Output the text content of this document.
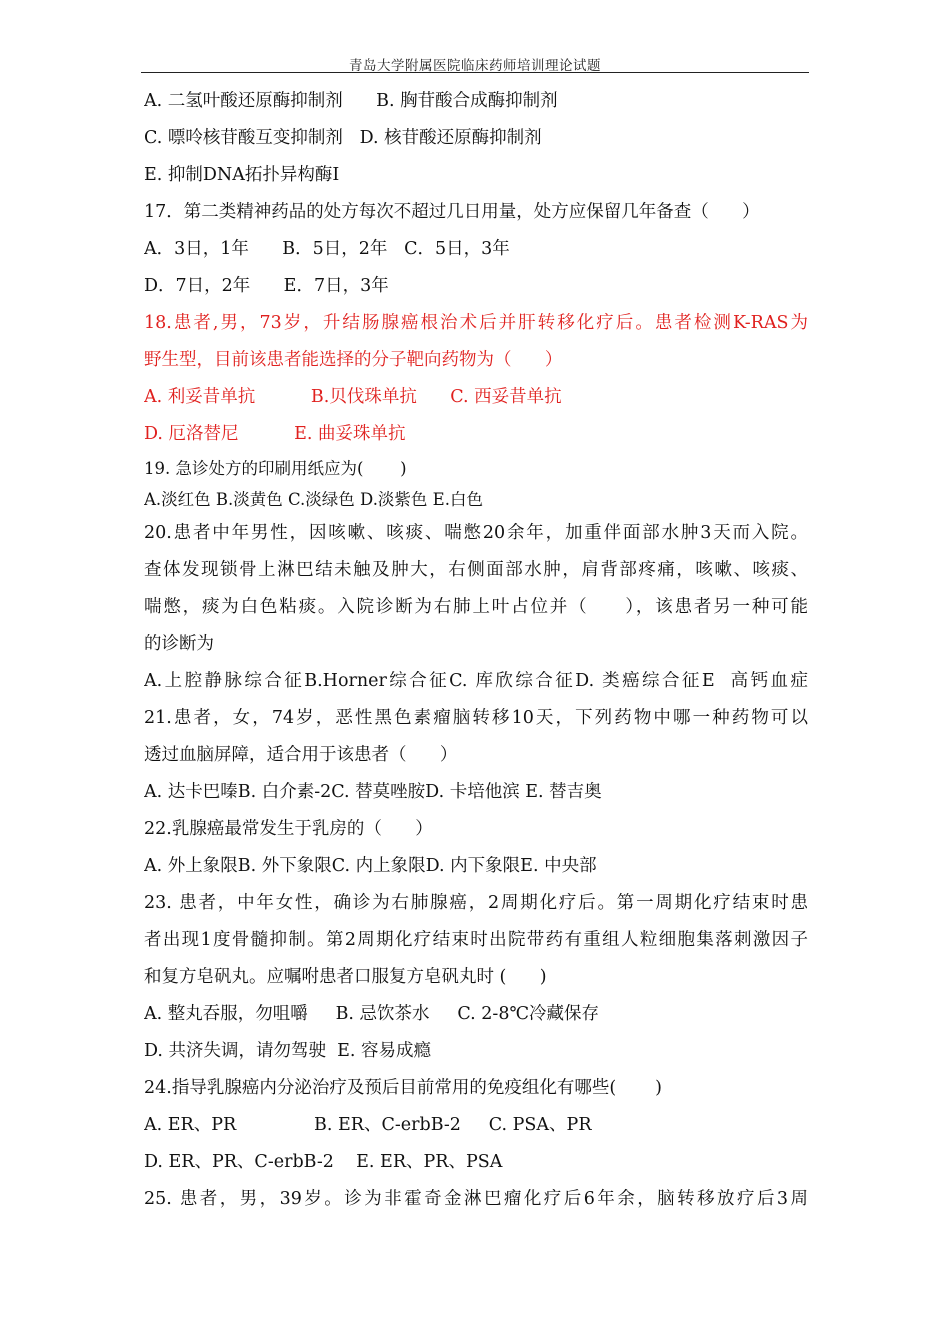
青岛大学附属医院临床药师培训理论试题
A. 二氢叶酸还原酶抑制剂      B. 胸苷酸合成酶抑制剂
C. 嘌呤核苷酸互变抑制剂   D. 核苷酸还原酶抑制剂
E. 抑制DNA拓扑异构酶I
17．第二类精神药品的处方每次不超过几日用量，处方应保留几年备查（      ）
A．3日，1年      B．5日，2年   C．5日，3年
D．7日，2年      E．7日，3年
18.患者,男，73岁，升结肠腺癌根治术后并肝转移化疗后。患者检测K-RAS为
野生型，目前该患者能选择的分子靶向药物为（      ）
A. 利妥昔单抗          B.贝伐珠单抗      C. 西妥昔单抗
D. 厄洛替尼          E. 曲妥珠单抗
19. 急诊处方的印刷用纸应为(       )
A.淡红色 B.淡黄色 C.淡绿色 D.淡紫色 E.白色
20.患者中年男性，因咳嗽、咳痰、喘憋20余年，加重伴面部水肿3天而入院。
查体发现锁骨上淋巴结未触及肿大，右侧面部水肿，肩背部疼痛，咳嗽、咳痰、
喘憋，痰为白色粘痰。入院诊断为右肺上叶占位并（     ），该患者另一种可能
的诊断为
A.上腔静脉综合征B.Horner综合征C. 库欣综合征D. 类癌综合征E  高钙血症
21.患者，女，74岁，恶性黑色素瘤脑转移10天，下列药物中哪一种药物可以
透过血脑屏障，适合用于该患者（      ）
A. 达卡巴嗪B. 白介素-2C. 替莫唑胺D. 卡培他滨 E. 替吉奥
22.乳腺癌最常发生于乳房的（      ）
A. 外上象限B. 外下象限C. 内上象限D. 内下象限E. 中央部
23. 患者，中年女性，确诊为右肺腺癌，2周期化疗后。第一周期化疗结束时患
者出现1度骨髓抑制。第2周期化疗结束时出院带药有重组人粒细胞集落刺激因子
和复方皂矾丸。应嘱咐患者口服复方皂矾丸时 (      )
A. 整丸吞服，勿咀嚼     B. 忌饮茶水     C. 2-8℃冷藏保存
D. 共济失调，请勿驾驶  E. 容易成瘾
24.指导乳腺癌内分泌治疗及预后目前常用的免疫组化有哪些(       )
A. ER、PR              B. ER、C-erbB-2     C. PSA、PR
D. ER、PR、C-erbB-2    E. ER、PR、PSA
25. 患者，男，39岁。诊为非霍奇金淋巴瘤化疗后6年余，脑转移放疗后3周
